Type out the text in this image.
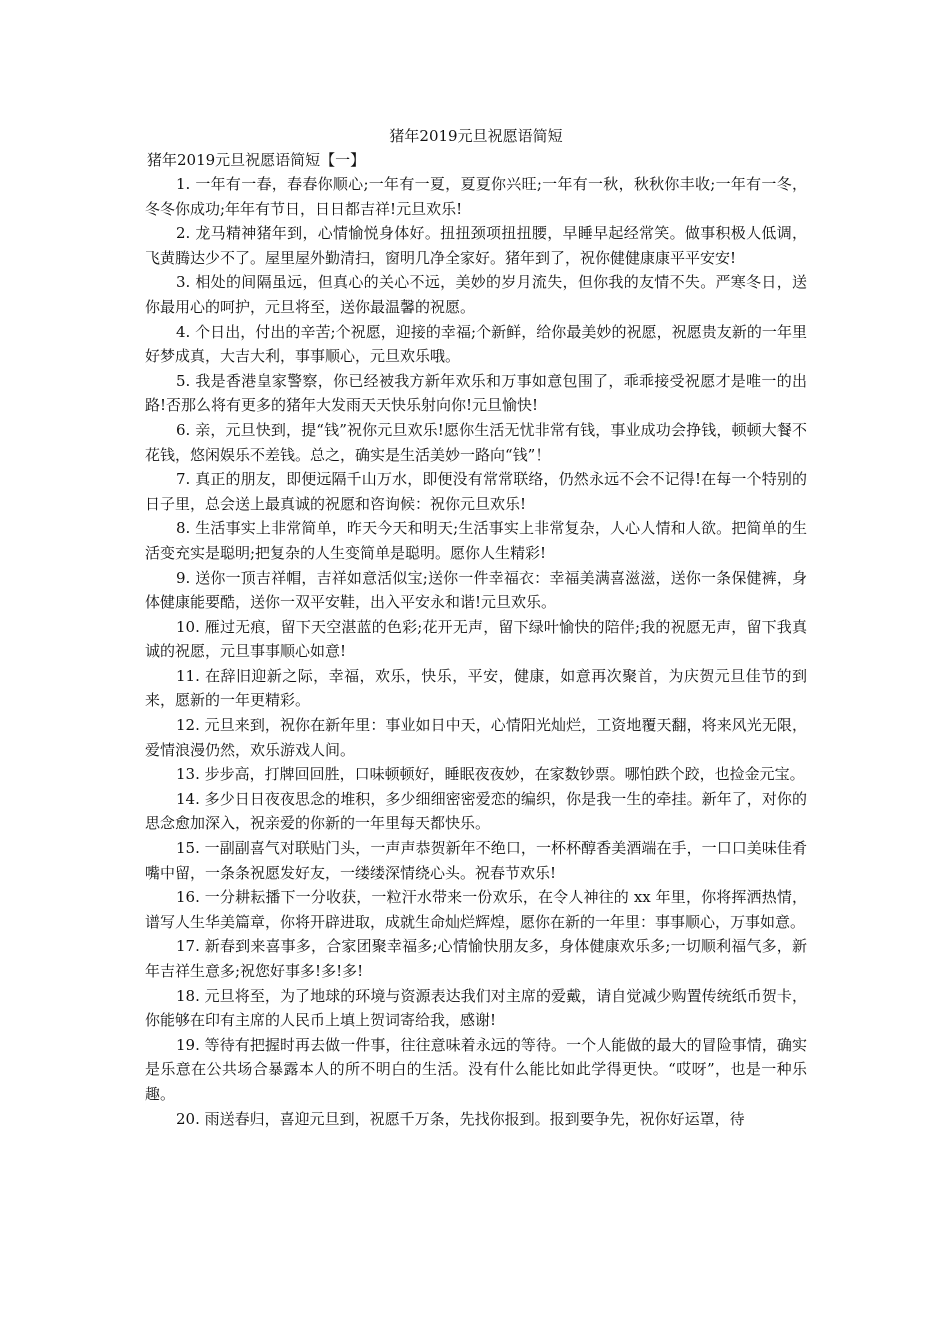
猪年2019元旦祝愿语简短
猪年2019元旦祝愿语简短【一】

1. 一年有一春，春春你顺心;一年有一夏，夏夏你兴旺;一年有一秋，秋秋你丰收;一年有一冬，冬冬你成功;年年有节日，日日都吉祥!元旦欢乐!

2. 龙马精神猪年到，心情愉悦身体好。扭扭颈项扭扭腰，早睡早起经常笑。做事积极人低调，飞黄腾达少不了。屋里屋外勤清扫，窗明几净全家好。猪年到了，祝你健健康康平平安安!

3. 相处的间隔虽远，但真心的关心不远，美妙的岁月流失，但你我的友情不失。严寒冬日，送你最用心的呵护，元旦将至，送你最温馨的祝愿。

4. 个日出，付出的辛苦;个祝愿，迎接的幸福;个新鲜，给你最美妙的祝愿，祝愿贵友新的一年里好梦成真，大吉大利，事事顺心，元旦欢乐哦。

5. 我是香港皇家警察，你已经被我方新年欢乐和万事如意包围了，乖乖接受祝愿才是唯一的出路!否那么将有更多的猪年大发雨天天快乐射向你!元旦愉快!

6. 亲，元旦快到，提“钱”祝你元旦欢乐!愿你生活无忧非常有钱，事业成功会挣钱，顿顿大餐不花钱，悠闲娱乐不差钱。总之，确实是生活美妙一路向“钱”！

7. 真正的朋友，即便远隔千山万水，即便没有常常联络，仍然永远不会不记得!在每一个特别的日子里，总会送上最真诚的祝愿和咨询候：祝你元旦欢乐!

8. 生活事实上非常简单，昨天今天和明天;生活事实上非常复杂，人心人情和人欲。把简单的生活变充实是聪明;把复杂的人生变简单是聪明。愿你人生精彩!

9. 送你一顶吉祥帽，吉祥如意活似宝;送你一件幸福衣：幸福美满喜滋滋，送你一条保健裤，身体健康能要酷，送你一双平安鞋，出入平安永和谐!元旦欢乐。

10. 雁过无痕，留下天空湛蓝的色彩;花开无声，留下绿叶愉快的陪伴;我的祝愿无声，留下我真诚的祝愿，元旦事事顺心如意!

11. 在辞旧迎新之际，幸福，欢乐，快乐，平安，健康，如意再次聚首，为庆贺元旦佳节的到来，愿新的一年更精彩。

12. 元旦来到，祝你在新年里：事业如日中天，心情阳光灿烂，工资地覆天翻，将来风光无限，爱情浪漫仍然，欢乐游戏人间。

13. 步步高，打牌回回胜，口味顿顿好，睡眠夜夜妙，在家数钞票。哪怕跌个跤，也捡金元宝。

14. 多少日日夜夜思念的堆积，多少细细密密爱恋的编织，你是我一生的牵挂。新年了，对你的思念愈加深入，祝亲爱的你新的一年里每天都快乐。

15. 一副副喜气对联贴门头，一声声恭贺新年不绝口，一杯杯醇香美酒端在手，一口口美味佳肴嘴中留，一条条祝愿发好友，一缕缕深情绕心头。祝春节欢乐!

16. 一分耕耘播下一分收获，一粒汗水带来一份欢乐，在令人神往的 xx 年里，你将挥洒热情，谱写人生华美篇章，你将开辟进取，成就生命灿烂辉煌，愿你在新的一年里：事事顺心，万事如意。

17. 新春到来喜事多，合家团聚幸福多;心情愉快朋友多，身体健康欢乐多;一切顺利福气多，新年吉祥生意多;祝您好事多!多!多!

18. 元旦将至，为了地球的环境与资源表达我们对主席的爱戴，请自觉减少购置传统纸币贺卡，你能够在印有主席的人民币上填上贺词寄给我，感谢!

19. 等待有把握时再去做一件事，往往意味着永远的等待。一个人能做的最大的冒险事情，确实是乐意在公共场合暴露本人的所不明白的生活。没有什么能比如此学得更快。“哎呀”，也是一种乐趣。

20. 雨送春归，喜迎元旦到，祝愿千万条，先找你报到。报到要争先，祝你好运罩，待
